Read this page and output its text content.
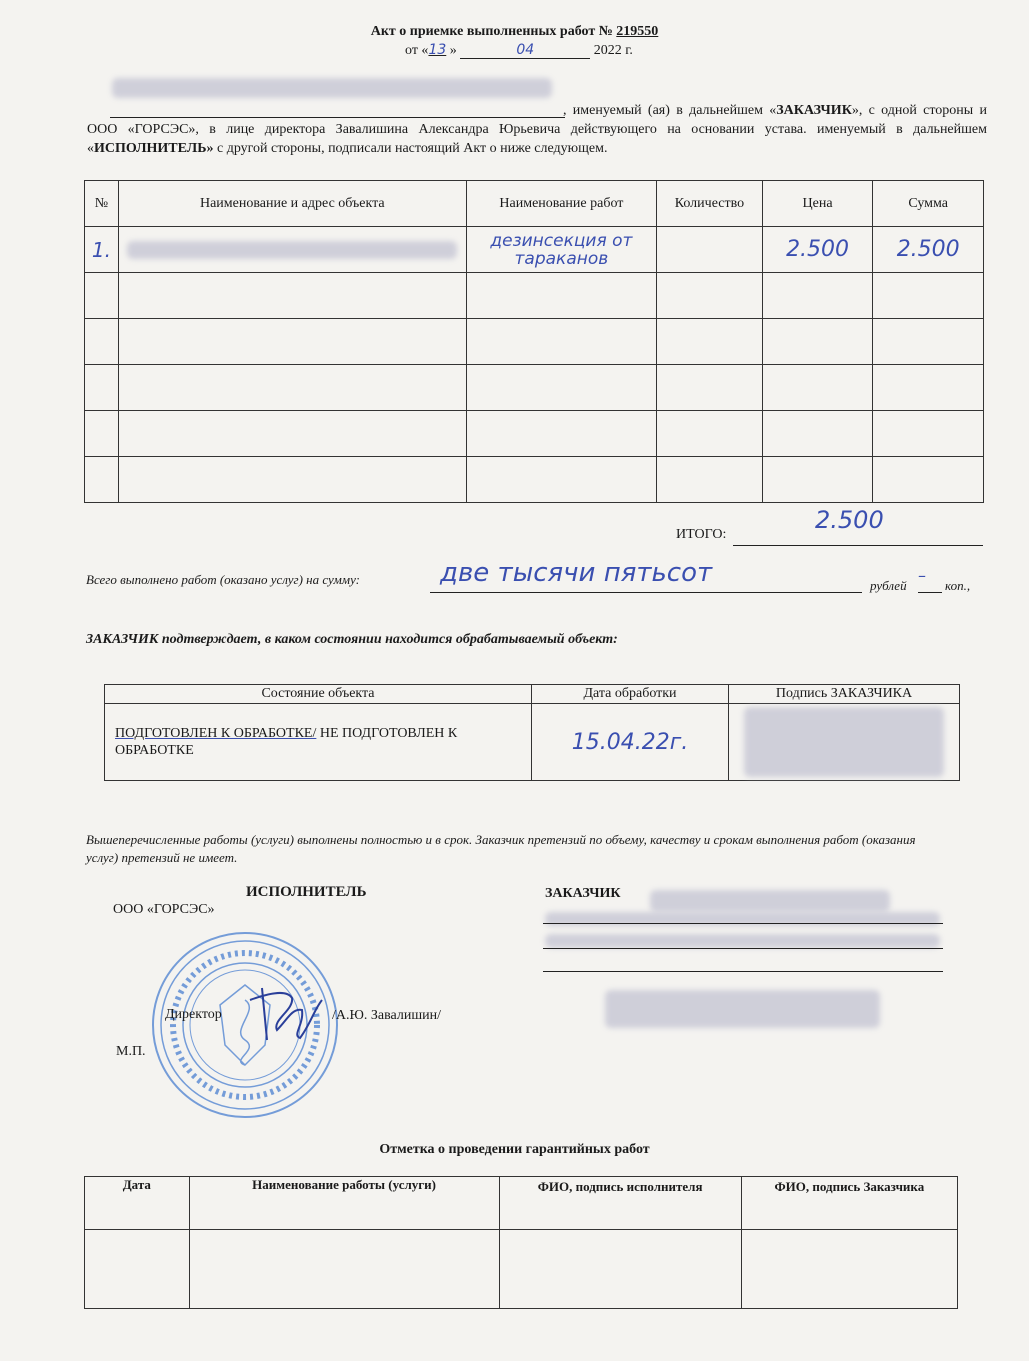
Акт о приемке выполненных работ № 219550
от «13 »	04	2022 г.
, именуемый (ая) в дальнейшем «ЗАКАЗЧИК», с одной стороны и ООО «ГОРСЭС», в лице директора Завалишина Александра Юрьевича действующего на основании устава. именуемый в дальнейшем «ИСПОЛНИТЕЛЬ» с другой стороны, подписали настоящий Акт о ниже следующем.
№	Наименование и адрес объекта	Наименование работ	Количество	Цена	Сумма
1.		дезинсекция от тараканов		2.500	2.500

ИТОГО:
2.500
Всего выполнено работ (оказано услуг) на сумму:	две тысячи пятьсот	рублей
–
коп.,
ЗАКАЗЧИК подтверждает, в каком состоянии находится обрабатываемый объект:
Состояние объекта	Дата обработки	Подпись ЗАКАЗЧИКА
ПОДГОТОВЛЕН К ОБРАБОТКЕ/ НЕ ПОДГОТОВЛЕН К ОБРАБОТКЕ	15.04.22г.	
Вышеперечисленные работы (услуги) выполнены полностью и в срок. Заказчик претензий по объему, качеству и срокам выполнения работ (оказания услуг) претензий не имеет.
ИСПОЛНИТЕЛЬ
ООО «ГОРСЭС»
Директор	/А.Ю. Завалишин/
М.П.
ЗАКАЗЧИК
Отметка о проведении гарантийных работ
Дата	Наименование работы (услуги)	ФИО, подпись исполнителя	ФИО, подпись Заказчика
